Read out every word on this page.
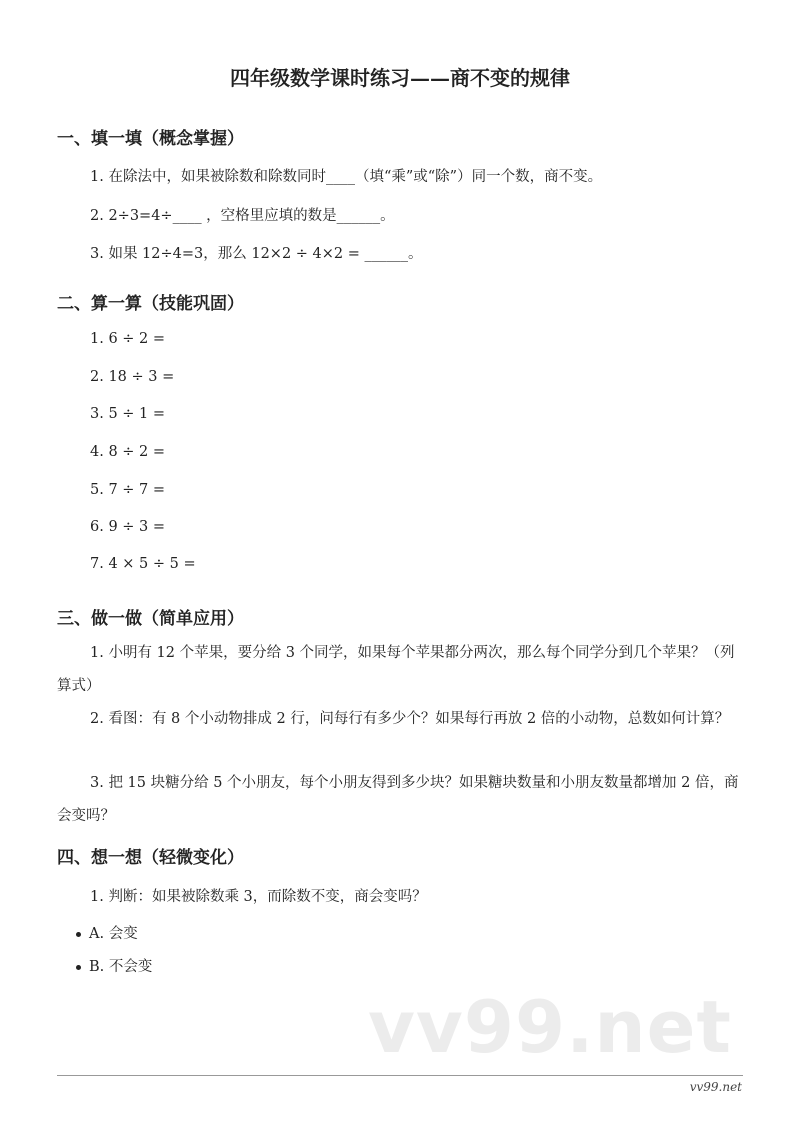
四年级数学课时练习——商不变的规律
一、填一填（概念掌握）
1. 在除法中，如果被除数和除数同时____（填“乘”或“除”）同一个数，商不变。
2. 2÷3=4÷____ ，空格里应填的数是______。
3. 如果 12÷4=3，那么 12×2 ÷ 4×2 = ______。
二、算一算（技能巩固）
1. 6 ÷ 2 =
2. 18 ÷ 3 =
3. 5 ÷ 1 =
4. 8 ÷ 2 =
5. 7 ÷ 7 =
6. 9 ÷ 3 =
7. 4 × 5 ÷ 5 =
三、做一做（简单应用）
1. 小明有 12 个苹果，要分给 3 个同学，如果每个苹果都分两次，那么每个同学分到几个苹果？（列算式）
2. 看图：有 8 个小动物排成 2 行，问每行有多少个？如果每行再放 2 倍的小动物，总数如何计算？
3. 把 15 块糖分给 5 个小朋友，每个小朋友得到多少块？如果糖块数量和小朋友数量都增加 2 倍，商会变吗？
四、想一想（轻微变化）
1. 判断：如果被除数乘 3，而除数不变，商会变吗？
A. 会变
B. 不会变
vv99.net
vv99.net
